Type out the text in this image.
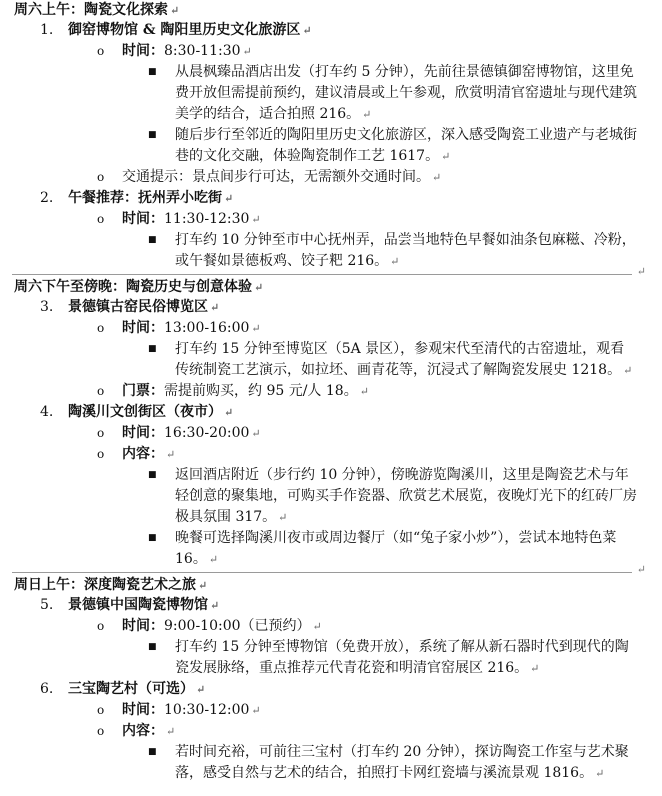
周六上午：陶瓷文化探索 ↵
1. 御窑博物馆 & 陶阳里历史文化旅游区 ↵
o 时间：8:30-11:30 ↵
■ 从晨枫臻品酒店出发（打车约 5 分钟），先前往景德镇御窑博物馆，这里免费开放但需提前预约，建议清晨或上午参观，欣赏明清官窑遗址与现代建筑美学的结合，适合拍照 216。 ↵
■ 随后步行至邻近的陶阳里历史文化旅游区，深入感受陶瓷工业遗产与老城街巷的文化交融，体验陶瓷制作工艺 1617。 ↵
o 交通提示：景点间步行可达，无需额外交通时间。 ↵
2. 午餐推荐：抚州弄小吃街 ↵
o 时间：11:30-12:30 ↵
■ 打车约 10 分钟至市中心抚州弄，品尝当地特色早餐如油条包麻糍、冷粉，或午餐如景德板鸡、饺子粑 216。 ↵
↵
周六下午至傍晚：陶瓷历史与创意体验 ↵
3. 景德镇古窑民俗博览区 ↵
o 时间：13:00-16:00 ↵
■ 打车约 15 分钟至博览区（5A 景区），参观宋代至清代的古窑遗址，观看传统制瓷工艺演示，如拉坯、画青花等，沉浸式了解陶瓷发展史 1218。 ↵
o 门票：需提前购买，约 95 元/人 18。 ↵
4. 陶溪川文创街区（夜市） ↵
o 时间：16:30-20:00 ↵
o 内容： ↵
■ 返回酒店附近（步行约 10 分钟），傍晚游览陶溪川，这里是陶瓷艺术与年轻创意的聚集地，可购买手作瓷器、欣赏艺术展览，夜晚灯光下的红砖厂房极具氛围 317。 ↵
■ 晚餐可选择陶溪川夜市或周边餐厅（如“兔子家小炒”），尝试本地特色菜 16。 ↵
↵
周日上午：深度陶瓷艺术之旅 ↵
5. 景德镇中国陶瓷博物馆 ↵
o 时间：9:00-10:00（已预约） ↵
■ 打车约 15 分钟至博物馆（免费开放），系统了解从新石器时代到现代的陶瓷发展脉络，重点推荐元代青花瓷和明清官窑展区 216。 ↵
6. 三宝陶艺村（可选） ↵
o 时间：10:30-12:00 ↵
o 内容： ↵
■ 若时间充裕，可前往三宝村（打车约 20 分钟），探访陶瓷工作室与艺术聚落，感受自然与艺术的结合，拍照打卡网红瓷墙与溪流景观 1816。 ↵
